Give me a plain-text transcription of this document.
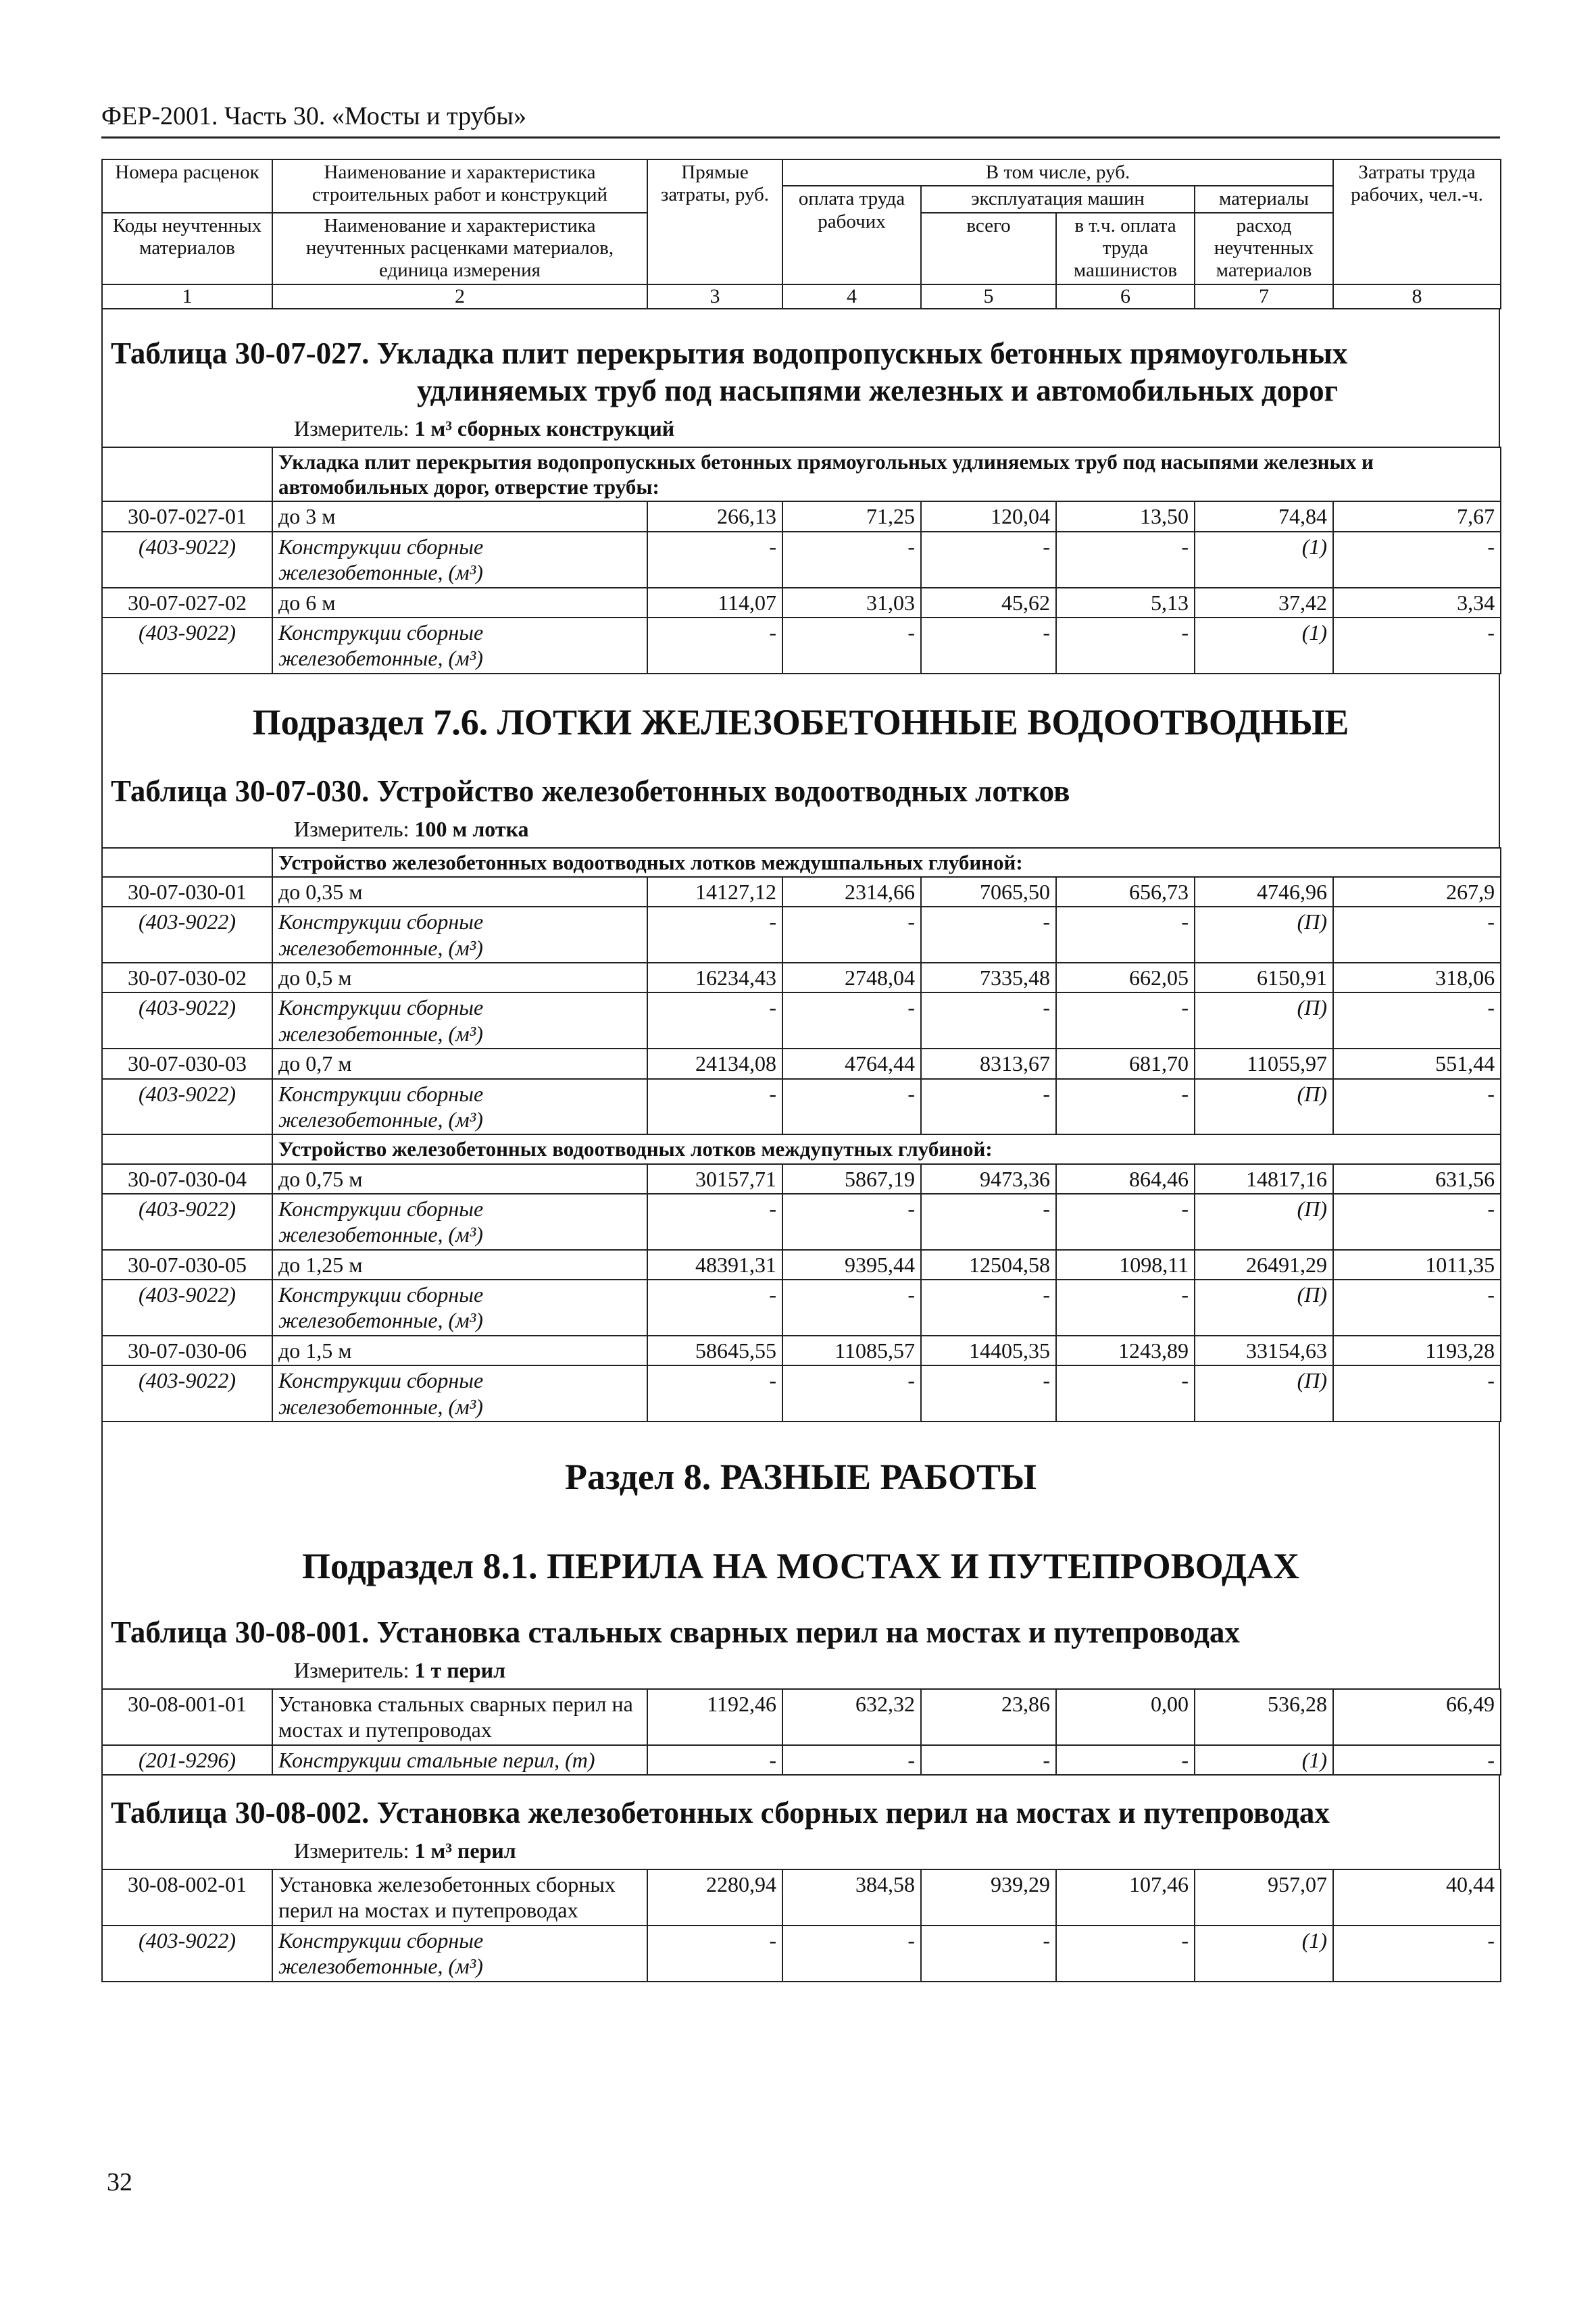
ФЕР-2001. Часть 30. «Мосты и трубы»
Номера расценок	Наименование и характеристика строительных работ и конструкций	Прямые затраты, руб.	В том числе, руб.				Затраты труда рабочих, чел.-ч.
			оплата труда рабочих	эксплуатация машин		материалы	
Коды неучтенных материалов	Наименование и характеристика неучтенных расценками материалов, единица измерения			всего	в т.ч. оплата труда машинистов	расход неучтенных материалов	

1	2	3	4	5	6	7	8
Таблица 30-07-027. Укладка плит перекрытия водопропускных бетонных прямоугольных
удлиняемых труб под насыпями железных и автомобильных дорог
Измеритель: 1 м³ сборных конструкций
	Укладка плит перекрытия водопропускных бетонных прямоугольных удлиняемых труб под насыпями железных и автомобильных дорог, отверстие трубы:						
30-07-027-01	до 3 м	266,13	71,25	120,04	13,50	74,84	7,67
(403-9022)	Конструкции сборные железобетонные, (м³)	-	-	-	-	(1)	-
30-07-027-02	до 6 м	114,07	31,03	45,62	5,13	37,42	3,34
(403-9022)	Конструкции сборные железобетонные, (м³)	-	-	-	-	(1)	-
Подраздел 7.6. ЛОТКИ ЖЕЛЕЗОБЕТОННЫЕ ВОДООТВОДНЫЕ
Таблица 30-07-030. Устройство железобетонных водоотводных лотков
Измеритель: 100 м лотка
	Устройство железобетонных водоотводных лотков междушпальных глубиной:						
30-07-030-01	до 0,35 м	14127,12	2314,66	7065,50	656,73	4746,96	267,9
(403-9022)	Конструкции сборные железобетонные, (м³)	-	-	-	-	(П)	-
30-07-030-02	до 0,5 м	16234,43	2748,04	7335,48	662,05	6150,91	318,06
(403-9022)	Конструкции сборные железобетонные, (м³)	-	-	-	-	(П)	-
30-07-030-03	до 0,7 м	24134,08	4764,44	8313,67	681,70	11055,97	551,44
(403-9022)	Конструкции сборные железобетонные, (м³)	-	-	-	-	(П)	-
	Устройство железобетонных водоотводных лотков междупутных глубиной:						
30-07-030-04	до 0,75 м	30157,71	5867,19	9473,36	864,46	14817,16	631,56
(403-9022)	Конструкции сборные железобетонные, (м³)	-	-	-	-	(П)	-
30-07-030-05	до 1,25 м	48391,31	9395,44	12504,58	1098,11	26491,29	1011,35
(403-9022)	Конструкции сборные железобетонные, (м³)	-	-	-	-	(П)	-
30-07-030-06	до 1,5 м	58645,55	11085,57	14405,35	1243,89	33154,63	1193,28
(403-9022)	Конструкции сборные железобетонные, (м³)	-	-	-	-	(П)	-
Раздел 8. РАЗНЫЕ РАБОТЫ
Подраздел 8.1. ПЕРИЛА НА МОСТАХ И ПУТЕПРОВОДАХ
Таблица 30-08-001. Установка стальных сварных перил на мостах и путепроводах
Измеритель: 1 т перил
30-08-001-01	Установка стальных сварных перил на мостах и путепроводах	1192,46	632,32	23,86	0,00	536,28	66,49
(201-9296)	Конструкции стальные перил, (т)	-	-	-	-	(1)	-
Таблица 30-08-002. Установка железобетонных сборных перил на мостах и путепроводах
Измеритель: 1 м³ перил
30-08-002-01	Установка железобетонных сборных перил на мостах и путепроводах	2280,94	384,58	939,29	107,46	957,07	40,44
(403-9022)	Конструкции сборные железобетонные, (м³)	-	-	-	-	(1)	-
32
